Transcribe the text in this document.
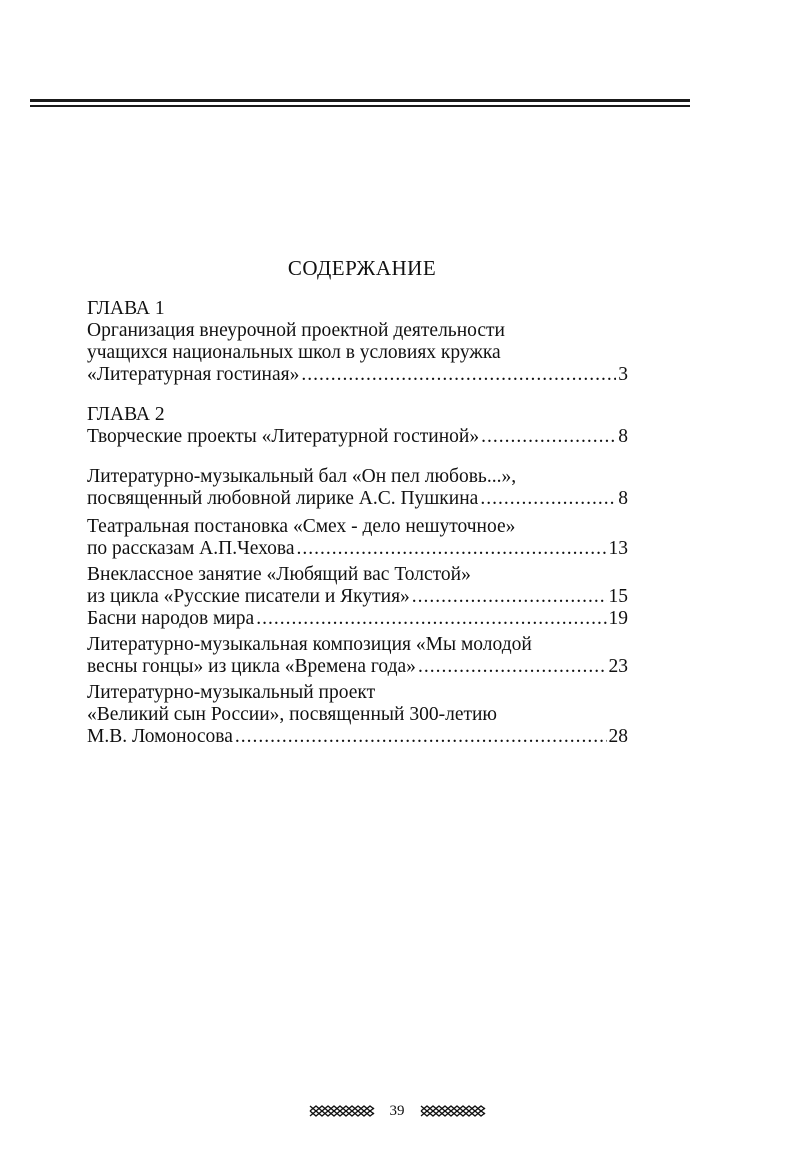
СОДЕРЖАНИЕ
ГЛАВА 1
Организация внеурочной проектной деятельности
учащихся национальных школ в условиях кружка
«Литературная гостиная» .....	3
ГЛАВА 2
Творческие проекты «Литературной гостиной» .....	8
Литературно-музыкальный бал «Он пел любовь...»,
посвященный любовной лирике А.С. Пушкина .....	8
Театральная постановка «Смех - дело нешуточное»
по рассказам А.П.Чехова .....	13
Внеклассное занятие «Любящий вас Толстой»
из цикла «Русские писатели и Якутия» .....	15
Басни народов мира .....	19
Литературно-музыкальная композиция «Мы молодой
весны гонцы» из цикла «Времена года» .....	23
Литературно-музыкальный проект
«Великий сын России», посвященный 300-летию
М.В. Ломоносова .....	28
39
